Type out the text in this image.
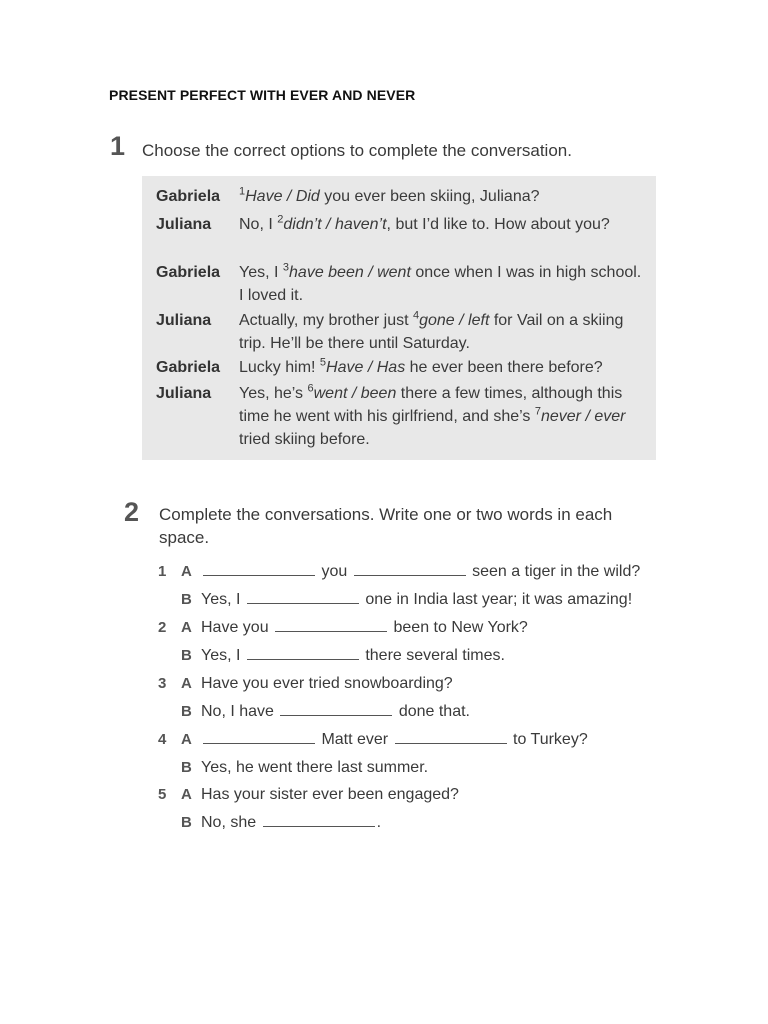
PRESENT PERFECT WITH EVER AND NEVER
1 Choose the correct options to complete the conversation.
Gabriela $^1$Have / Did you ever been skiing, Juliana?
Juliana No, I $^2$didn’t / haven’t, but I’d like to. How about you?
Gabriela Yes, I $^3$have been / went once when I was in high school. I loved it.
Juliana Actually, my brother just $^4$gone / left for Vail on a skiing trip. He’ll be there until Saturday.
Gabriela Lucky him! $^5$Have / Has he ever been there before?
Juliana Yes, he’s $^6$went / been there a few times, although this time he went with his girlfriend, and she’s $^7$never / ever tried skiing before.
2 Complete the conversations. Write one or two words in each space.
1 A	you	seen a tiger in the wild?
B Yes, I	one in India last year; it was amazing!
2 A Have you	been to New York?
B Yes, I	there several times.
3 A Have you ever tried snowboarding?
B No, I have	done that.
4 A	Matt ever	to Turkey?
B Yes, he went there last summer.
5 A Has your sister ever been engaged?
B No, she	.
